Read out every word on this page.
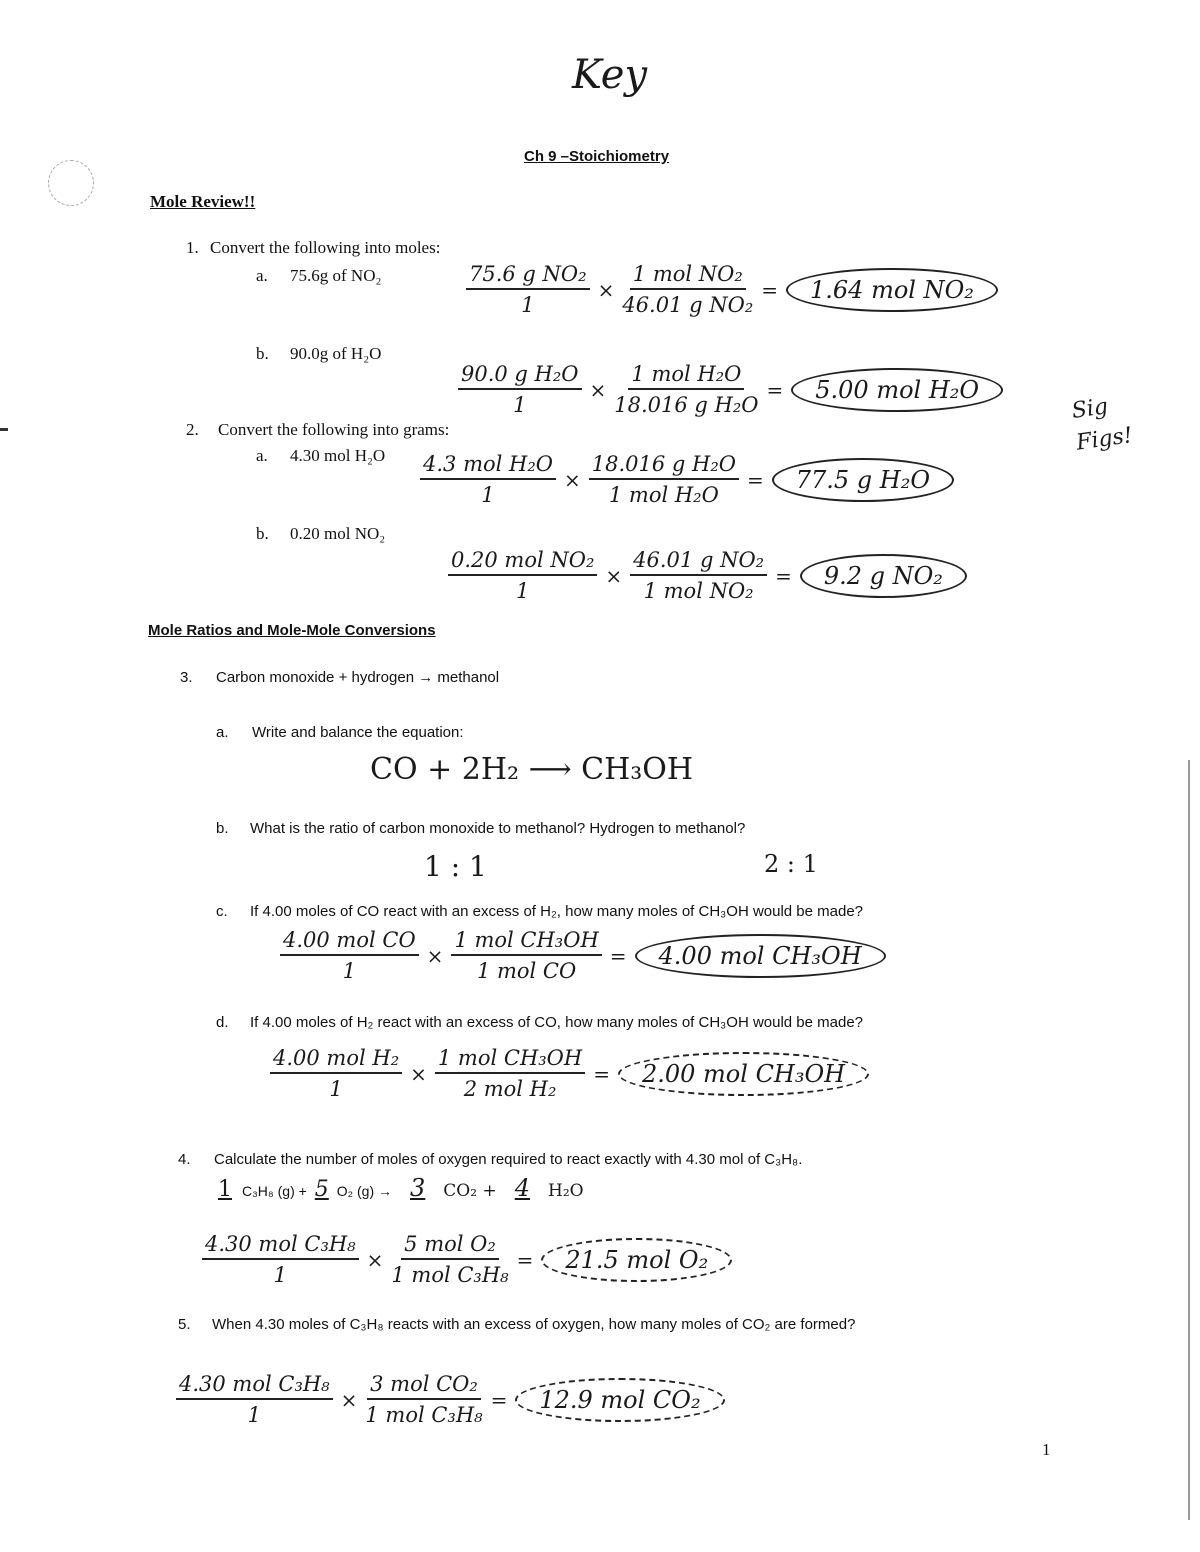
Key
Ch 9 –Stoichiometry
Sig
Figs!
Mole Review!!
1. Convert the following into moles:
a. 75.6g of NO₂	$\frac{\text{75.6 g NO₂}}{1} \times \frac{\text{1 mol NO₂}}{\text{46.01 g NO₂}}$ =	1.64 mol NO₂
b. 90.0g of H₂O
$\frac{\text{90.0 g H₂O}}{1} \times \frac{\text{1 mol H₂O}}{\text{18.016 g H₂O}}$ =	5.00 mol H₂O
2. Convert the following into grams:
a. 4.30 mol $H_2O \frac{\text{4.3 mol H₂O}}{1} \times \frac{\text{18.016 g H₂O}}{\text{1 mol H₂O}}$ =	77.5 g H₂O
b. 0.20 mol NO₂
$\frac{\text{0.20 mol NO₂}}{1} \times \frac{\text{46.01 g NO₂}}{\text{1 mol NO₂}}$ =	9.2 g NO₂
Mole Ratios and Mole-Mole Conversions
3. Carbon monoxide + hydrogen → methanol
a. Write and balance the equation:
CO + 2H₂ ⟶ CH₃OH
b. What is the ratio of carbon monoxide to methanol? Hydrogen to methanol?
1 : 1	2 : 1
c. If 4.00 moles of CO react with an excess of H₂, how many moles of CH₃OH would be made?
$\frac{\text{4.00 mol CO}}{1} \times \frac{\text{1 mol CH₃OH}}{\text{1 mol CO}}$ =	4.00 mol CH₃OH
d. If 4.00 moles of H₂ react with an excess of CO, how many moles of CH₃OH would be made?
$\frac{\text{4.00 mol H₂}}{1} \times \frac{\text{1 mol CH₃OH}}{\text{2 mol H₂}}$ =	2.00 mol CH₃OH
4. Calculate the number of moles of oxygen required to react exactly with 4.30 mol of C₃H₈.
1 C₃H₈ (g) + 5 O₂ (g) → 3	CO₂ + 4	H₂O
$\frac{\text{4.30 mol C₃H₈}}{1} \times \frac{\text{5 mol O₂}}{\text{1 mol C₃H₈}}$ =	21.5 mol O₂
5. When 4.30 moles of C₃H₈ reacts with an excess of oxygen, how many moles of CO₂ are formed?
$\frac{\text{4.30 mol C₃H₈}}{1} \times \frac{\text{3 mol CO₂}}{\text{1 mol C₃H₈}}$ =	12.9 mol CO₂
1
